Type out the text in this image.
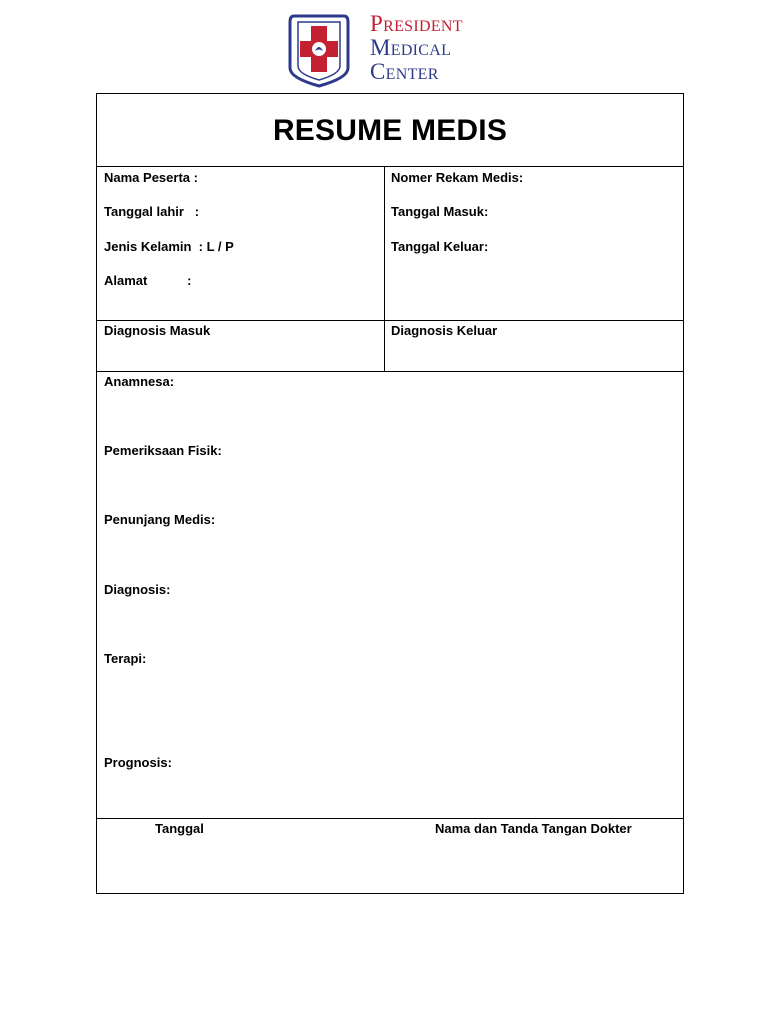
President
Medical
Center
RESUME MEDIS
Nama Peserta :
Tanggal lahir   :
Jenis Kelamin  : L / P
Alamat           :
Nomer Rekam Medis:
Tanggal Masuk:
Tanggal Keluar:
Diagnosis Masuk	Diagnosis Keluar
Anamnesa:
Pemeriksaan Fisik:
Penunjang Medis:
Diagnosis:
Terapi:
Prognosis:
Tanggal	Nama dan Tanda Tangan Dokter
